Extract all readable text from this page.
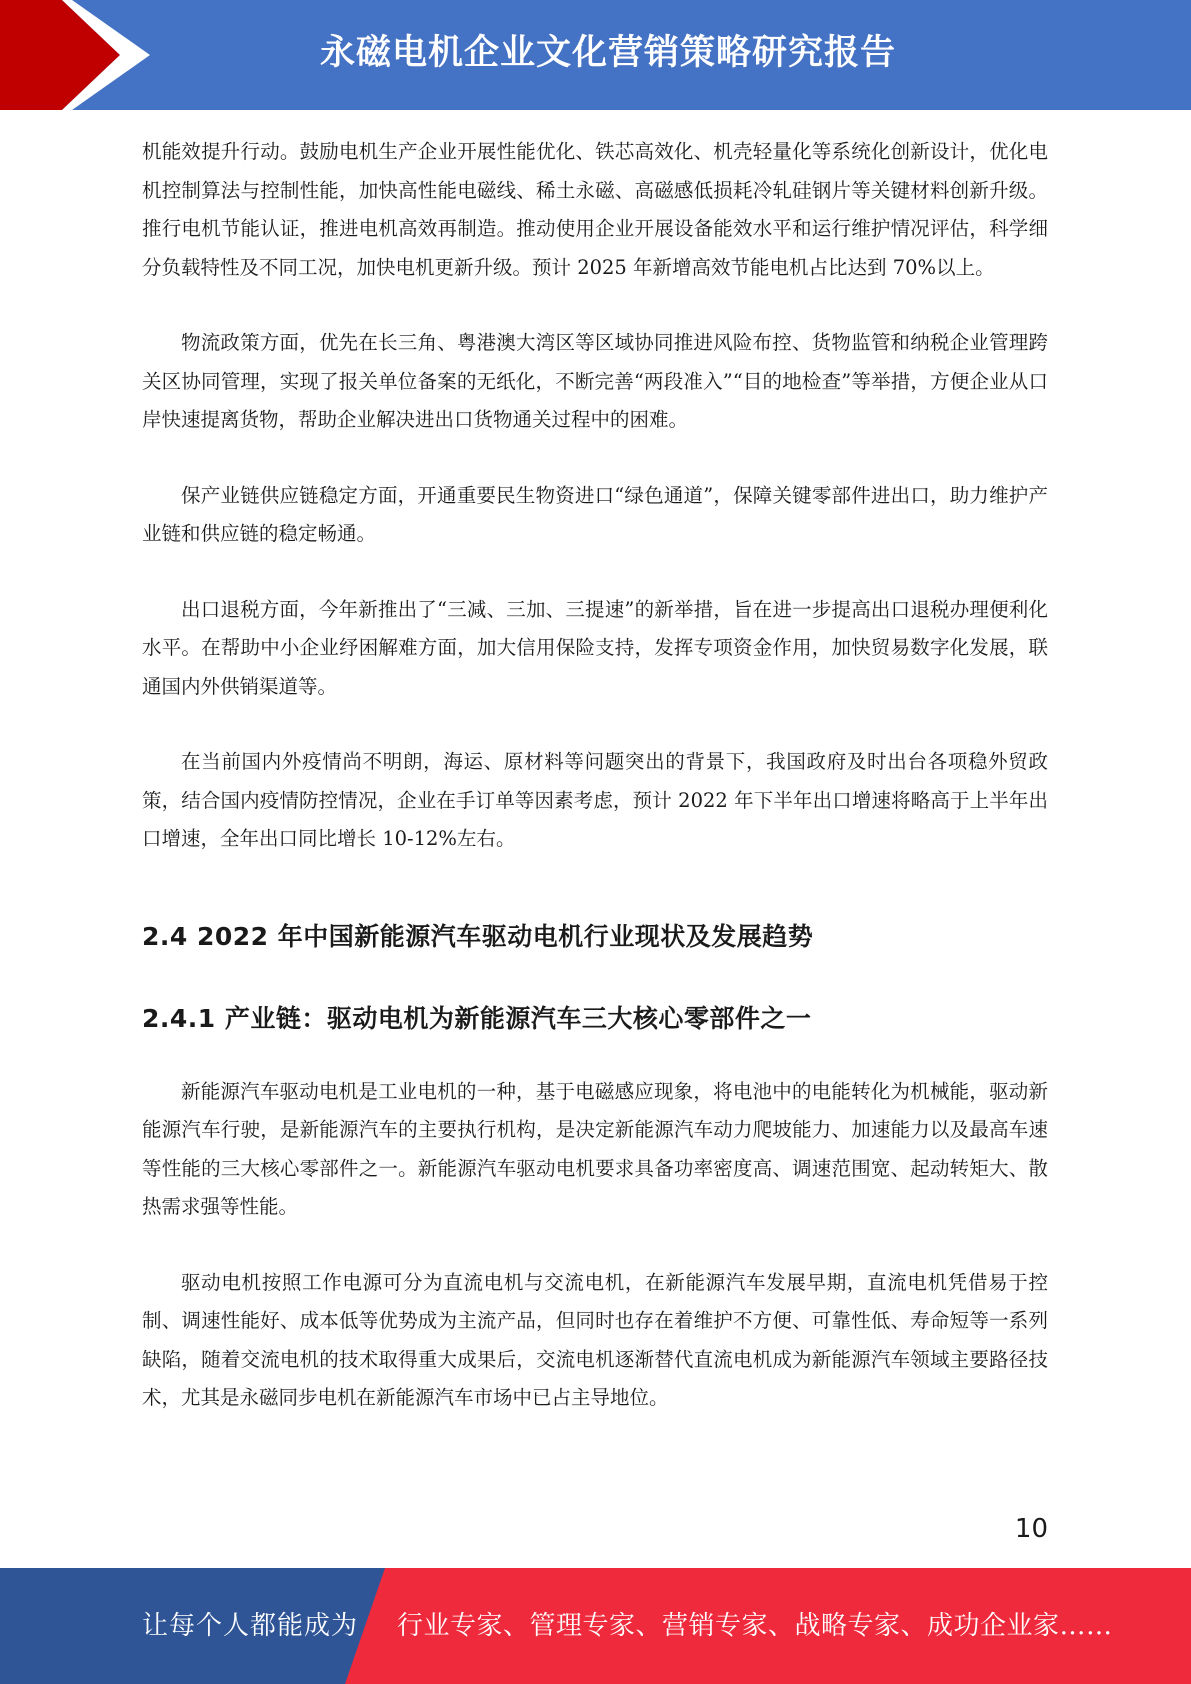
永磁电机企业文化营销策略研究报告

机能效提升行动。鼓励电机生产企业开展性能优化、铁芯高效化、机壳轻量化等系统化创新设计，优化电机控制算法与控制性能，加快高性能电磁线、稀土永磁、高磁感低损耗冷轧硅钢片等关键材料创新升级。推行电机节能认证，推进电机高效再制造。推动使用企业开展设备能效水平和运行维护情况评估，科学细分负载特性及不同工况，加快电机更新升级。预计 2025 年新增高效节能电机占比达到 70%以上。

物流政策方面，优先在长三角、粤港澳大湾区等区域协同推进风险布控、货物监管和纳税企业管理跨关区协同管理，实现了报关单位备案的无纸化，不断完善“两段准入”“目的地检查”等举措，方便企业从口岸快速提离货物，帮助企业解决进出口货物通关过程中的困难。

保产业链供应链稳定方面，开通重要民生物资进口“绿色通道”，保障关键零部件进出口，助力维护产业链和供应链的稳定畅通。

出口退税方面，今年新推出了“三减、三加、三提速”的新举措，旨在进一步提高出口退税办理便利化水平。在帮助中小企业纾困解难方面，加大信用保险支持，发挥专项资金作用，加快贸易数字化发展，联通国内外供销渠道等。

在当前国内外疫情尚不明朗，海运、原材料等问题突出的背景下，我国政府及时出台各项稳外贸政策，结合国内疫情防控情况，企业在手订单等因素考虑，预计 2022 年下半年出口增速将略高于上半年出口增速，全年出口同比增长 10-12%左右。

2.4 2022 年中国新能源汽车驱动电机行业现状及发展趋势
2.4.1 产业链：驱动电机为新能源汽车三大核心零部件之一

新能源汽车驱动电机是工业电机的一种，基于电磁感应现象，将电池中的电能转化为机械能，驱动新能源汽车行驶，是新能源汽车的主要执行机构，是决定新能源汽车动力爬坡能力、加速能力以及最高车速等性能的三大核心零部件之一。新能源汽车驱动电机要求具备功率密度高、调速范围宽、起动转矩大、散热需求强等性能。

驱动电机按照工作电源可分为直流电机与交流电机，在新能源汽车发展早期，直流电机凭借易于控制、调速性能好、成本低等优势成为主流产品，但同时也存在着维护不方便、可靠性低、寿命短等一系列缺陷，随着交流电机的技术取得重大成果后，交流电机逐渐替代直流电机成为新能源汽车领域主要路径技术，尤其是永磁同步电机在新能源汽车市场中已占主导地位。

10
让每个人都能成为 行业专家、管理专家、营销专家、战略专家、成功企业家……
